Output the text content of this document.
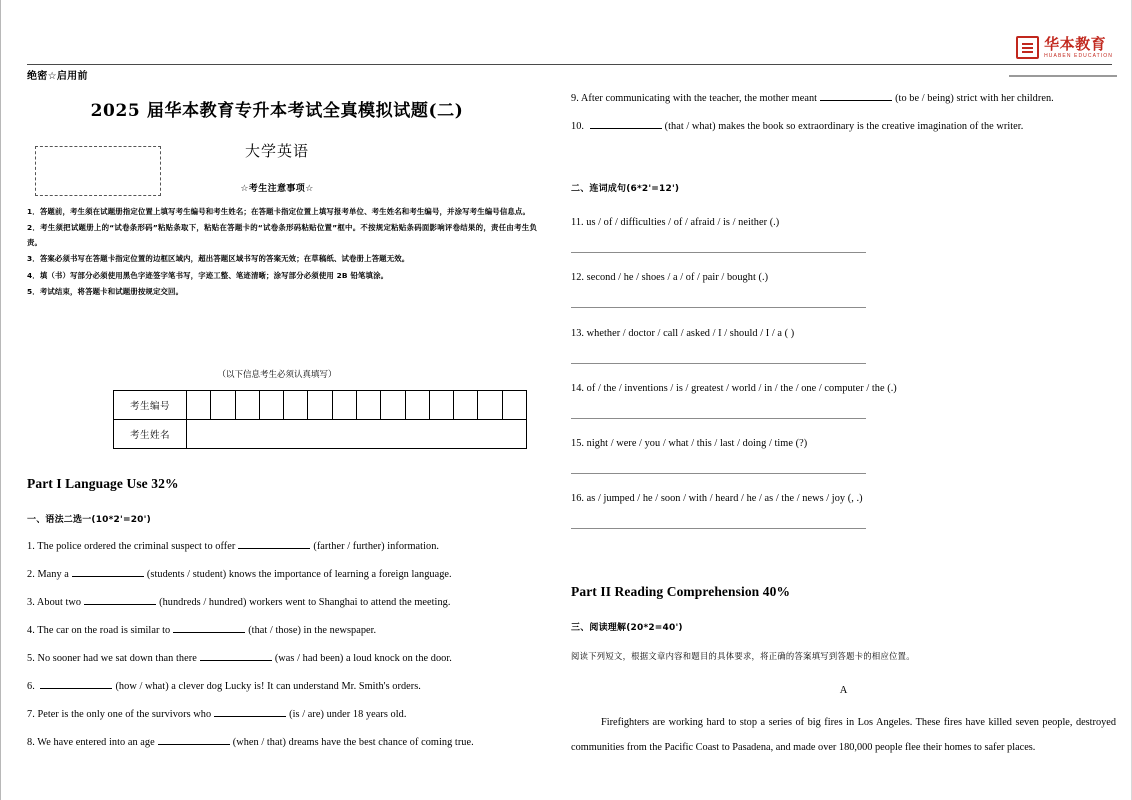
华本教育
HUABEN EDUCATION
绝密☆启用前
2025 届华本教育专升本考试全真模拟试题(二)
大学英语
☆考生注意事项☆
1．答题前，考生须在试题册指定位置上填写考生编号和考生姓名；在答题卡指定位置上填写报考单位、考生姓名和考生编号，并涂写考生编号信息点。
2．考生须把试题册上的“试卷条形码”粘贴条取下，粘贴在答题卡的“试卷条形码粘贴位置”框中。不按规定粘贴条码面影响评卷结果的，责任由考生负责。
3．答案必须书写在答题卡指定位置的边框区域内，超出答题区域书写的答案无效；在草稿纸、试卷册上答题无效。
4．填（书）写部分必须使用黑色字迹签字笔书写，字迹工整、笔迹清晰；涂写部分必须使用 2B 铅笔填涂。
5．考试结束，将答题卡和试题册按规定交回。
（以下信息考生必须认真填写）
考生编号														
考生姓名														
Part I Language Use 32%
一、语法二选一(10*2'=20')
1. The police ordered the criminal suspect to offer	(farther / further) information.
2. Many a	(students / student) knows the importance of learning a foreign language.
3. About two	(hundreds / hundred) workers went to Shanghai to attend the meeting.
4. The car on the road is similar to	(that / those) in the newspaper.
5. No sooner had we sat down than there	(was / had been) a loud knock on the door.
6.	(how / what) a clever dog Lucky is! It can understand Mr. Smith's orders.
7. Peter is the only one of the survivors who	(is / are) under 18 years old.
8. We have entered into an age	(when / that) dreams have the best chance of coming true.
9. After communicating with the teacher, the mother meant	(to be / being) strict with her children.
10.	(that / what) makes the book so extraordinary is the creative imagination of the writer.
二、连词成句(6*2'=12')
11. us / of / difficulties / of / afraid / is / neither (.)
12. second / he / shoes / a / of / pair / bought (.)
13. whether / doctor / call / asked / I / should / I / a ( )
14. of / the / inventions / is / greatest / world / in / the / one / computer / the (.)
15. night / were / you / what / this / last / doing / time (?)
16. as / jumped / he / soon / with / heard / he / as / the / news / joy (, .)
Part II Reading Comprehension 40%
三、阅读理解(20*2=40')
阅读下列短文，根据文章内容和题目的具体要求，将正确的答案填写到答题卡的相应位置。
A
Firefighters are working hard to stop a series of big fires in Los Angeles. These fires have killed seven people, destroyed communities from the Pacific Coast to Pasadena, and made over 180,000 people flee their homes to safer places.
